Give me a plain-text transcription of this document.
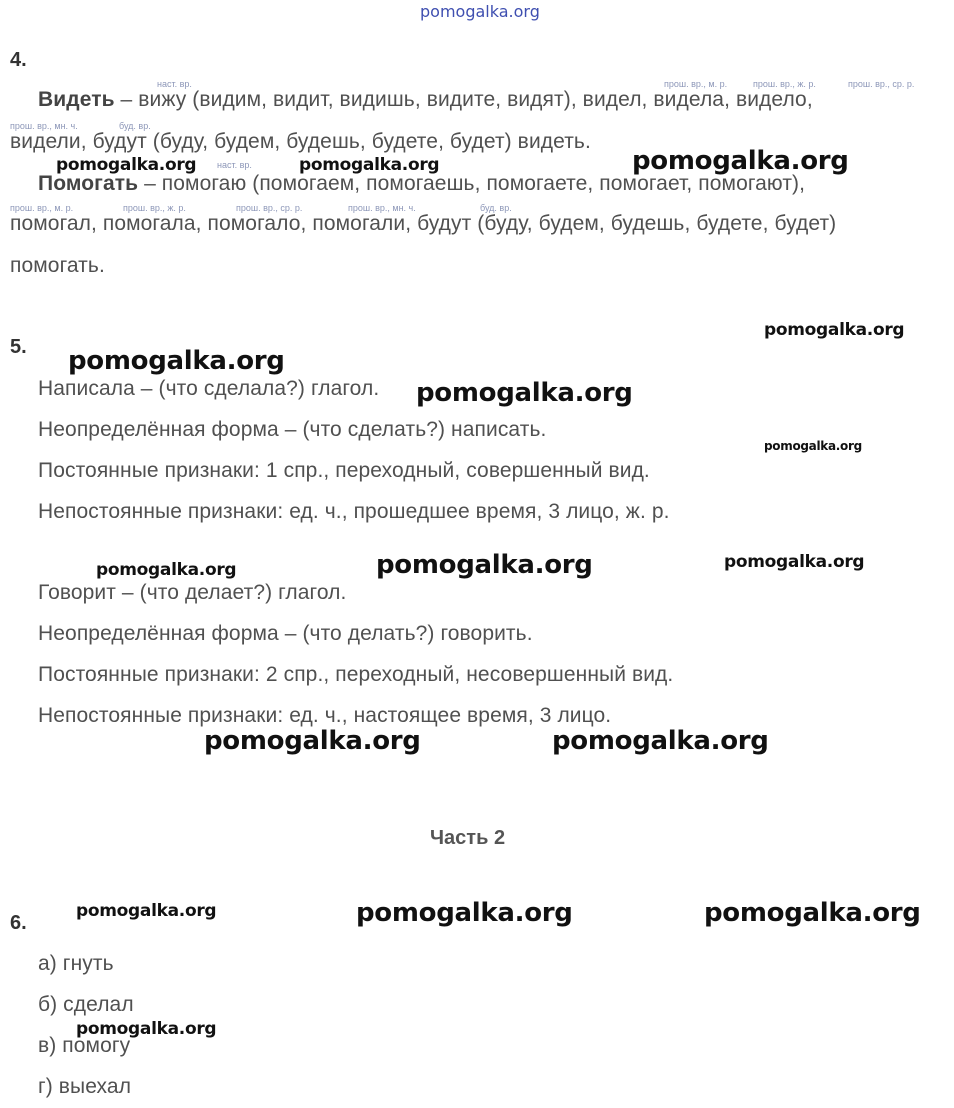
pomogalka.org
4.
наст. вр.	прош. вр., м. р.	прош. вр., ж. р.	прош. вр., ср. р.
Видеть – вижу (видим, видит, видишь, видите, видят), видел, видела, видело,
прош. вр., мн. ч.	буд. вр.
видели, будут (буду, будем, будешь, будете, будет) видеть.
наст. вр.
Помогать – помогаю (помогаем, помогаешь, помогаете, помогает, помогают),
прош. вр., м. р.	прош. вр., ж. р.	прош. вр., ср. р.	прош. вр., мн. ч.	буд. вр.
помогал, помогала, помогало, помогали, будут (буду, будем, будешь, будете, будет)
помогать.
5.
Написала – (что сделала?) глагол.
Неопределённая форма – (что сделать?) написать.
Постоянные признаки: 1 спр., переходный, совершенный вид.
Непостоянные признаки: ед. ч., прошедшее время, 3 лицо, ж. р.
Говорит – (что делает?) глагол.
Неопределённая форма – (что делать?) говорить.
Постоянные признаки: 2 спр., переходный, несовершенный вид.
Непостоянные признаки: ед. ч., настоящее время, 3 лицо.
Часть 2
6.
а) гнуть
б) сделал
в) помогу
г) выехал
pomogalka.org	pomogalka.org	pomogalka.org
pomogalka.org
pomogalka.org
pomogalka.org
pomogalka.org
pomogalka.org	pomogalka.org	pomogalka.org
pomogalka.org	pomogalka.org
pomogalka.org	pomogalka.org	pomogalka.org
pomogalka.org
